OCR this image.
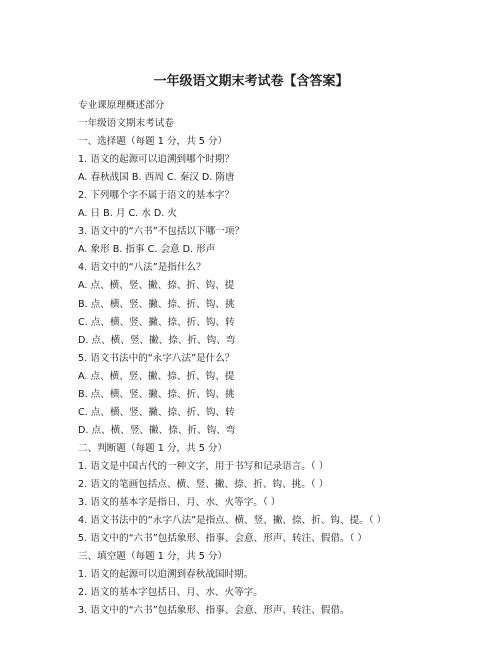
一年级语文期末考试卷【含答案】
专业课原理概述部分
一年级语文期末考试卷
一、选择题（每题 1 分，共 5 分）
1. 语文的起源可以追溯到哪个时期？
A. 春秋战国 B. 西周 C. 秦汉 D. 隋唐
2. 下列哪个字不属于语文的基本字？
A. 日 B. 月 C. 水 D. 火
3. 语文中的“六书”不包括以下哪一项？
A. 象形 B. 指事 C. 会意 D. 形声
4. 语文中的“八法”是指什么？
A. 点、横、竖、撇、捺、折、钩、提
B. 点、横、竖、撇、捺、折、钩、挑
C. 点、横、竖、撇、捺、折、钩、转
D. 点、横、竖、撇、捺、折、钩、弯
5. 语文书法中的“永字八法”是什么？
A. 点、横、竖、撇、捺、折、钩、提
B. 点、横、竖、撇、捺、折、钩、挑
C. 点、横、竖、撇、捺、折、钩、转
D. 点、横、竖、撇、捺、折、钩、弯
二、判断题（每题 1 分，共 5 分）
1. 语文是中国古代的一种文字，用于书写和记录语言。（ ）
2. 语文的笔画包括点、横、竖、撇、捺、折、钩、挑。（ ）
3. 语文的基本字是指日、月、水、火等字。（ ）
4. 语文书法中的“永字八法”是指点、横、竖、撇、捺、折、钩、提。（ ）
5. 语文中的“六书”包括象形、指事、会意、形声、转注、假借。（ ）
三、填空题（每题 1 分，共 5 分）
1. 语文的起源可以追溯到春秋战国时期。
2. 语文的基本字包括日、月、水、火等字。
3. 语文中的“六书”包括象形、指事、会意、形声、转注、假借。
